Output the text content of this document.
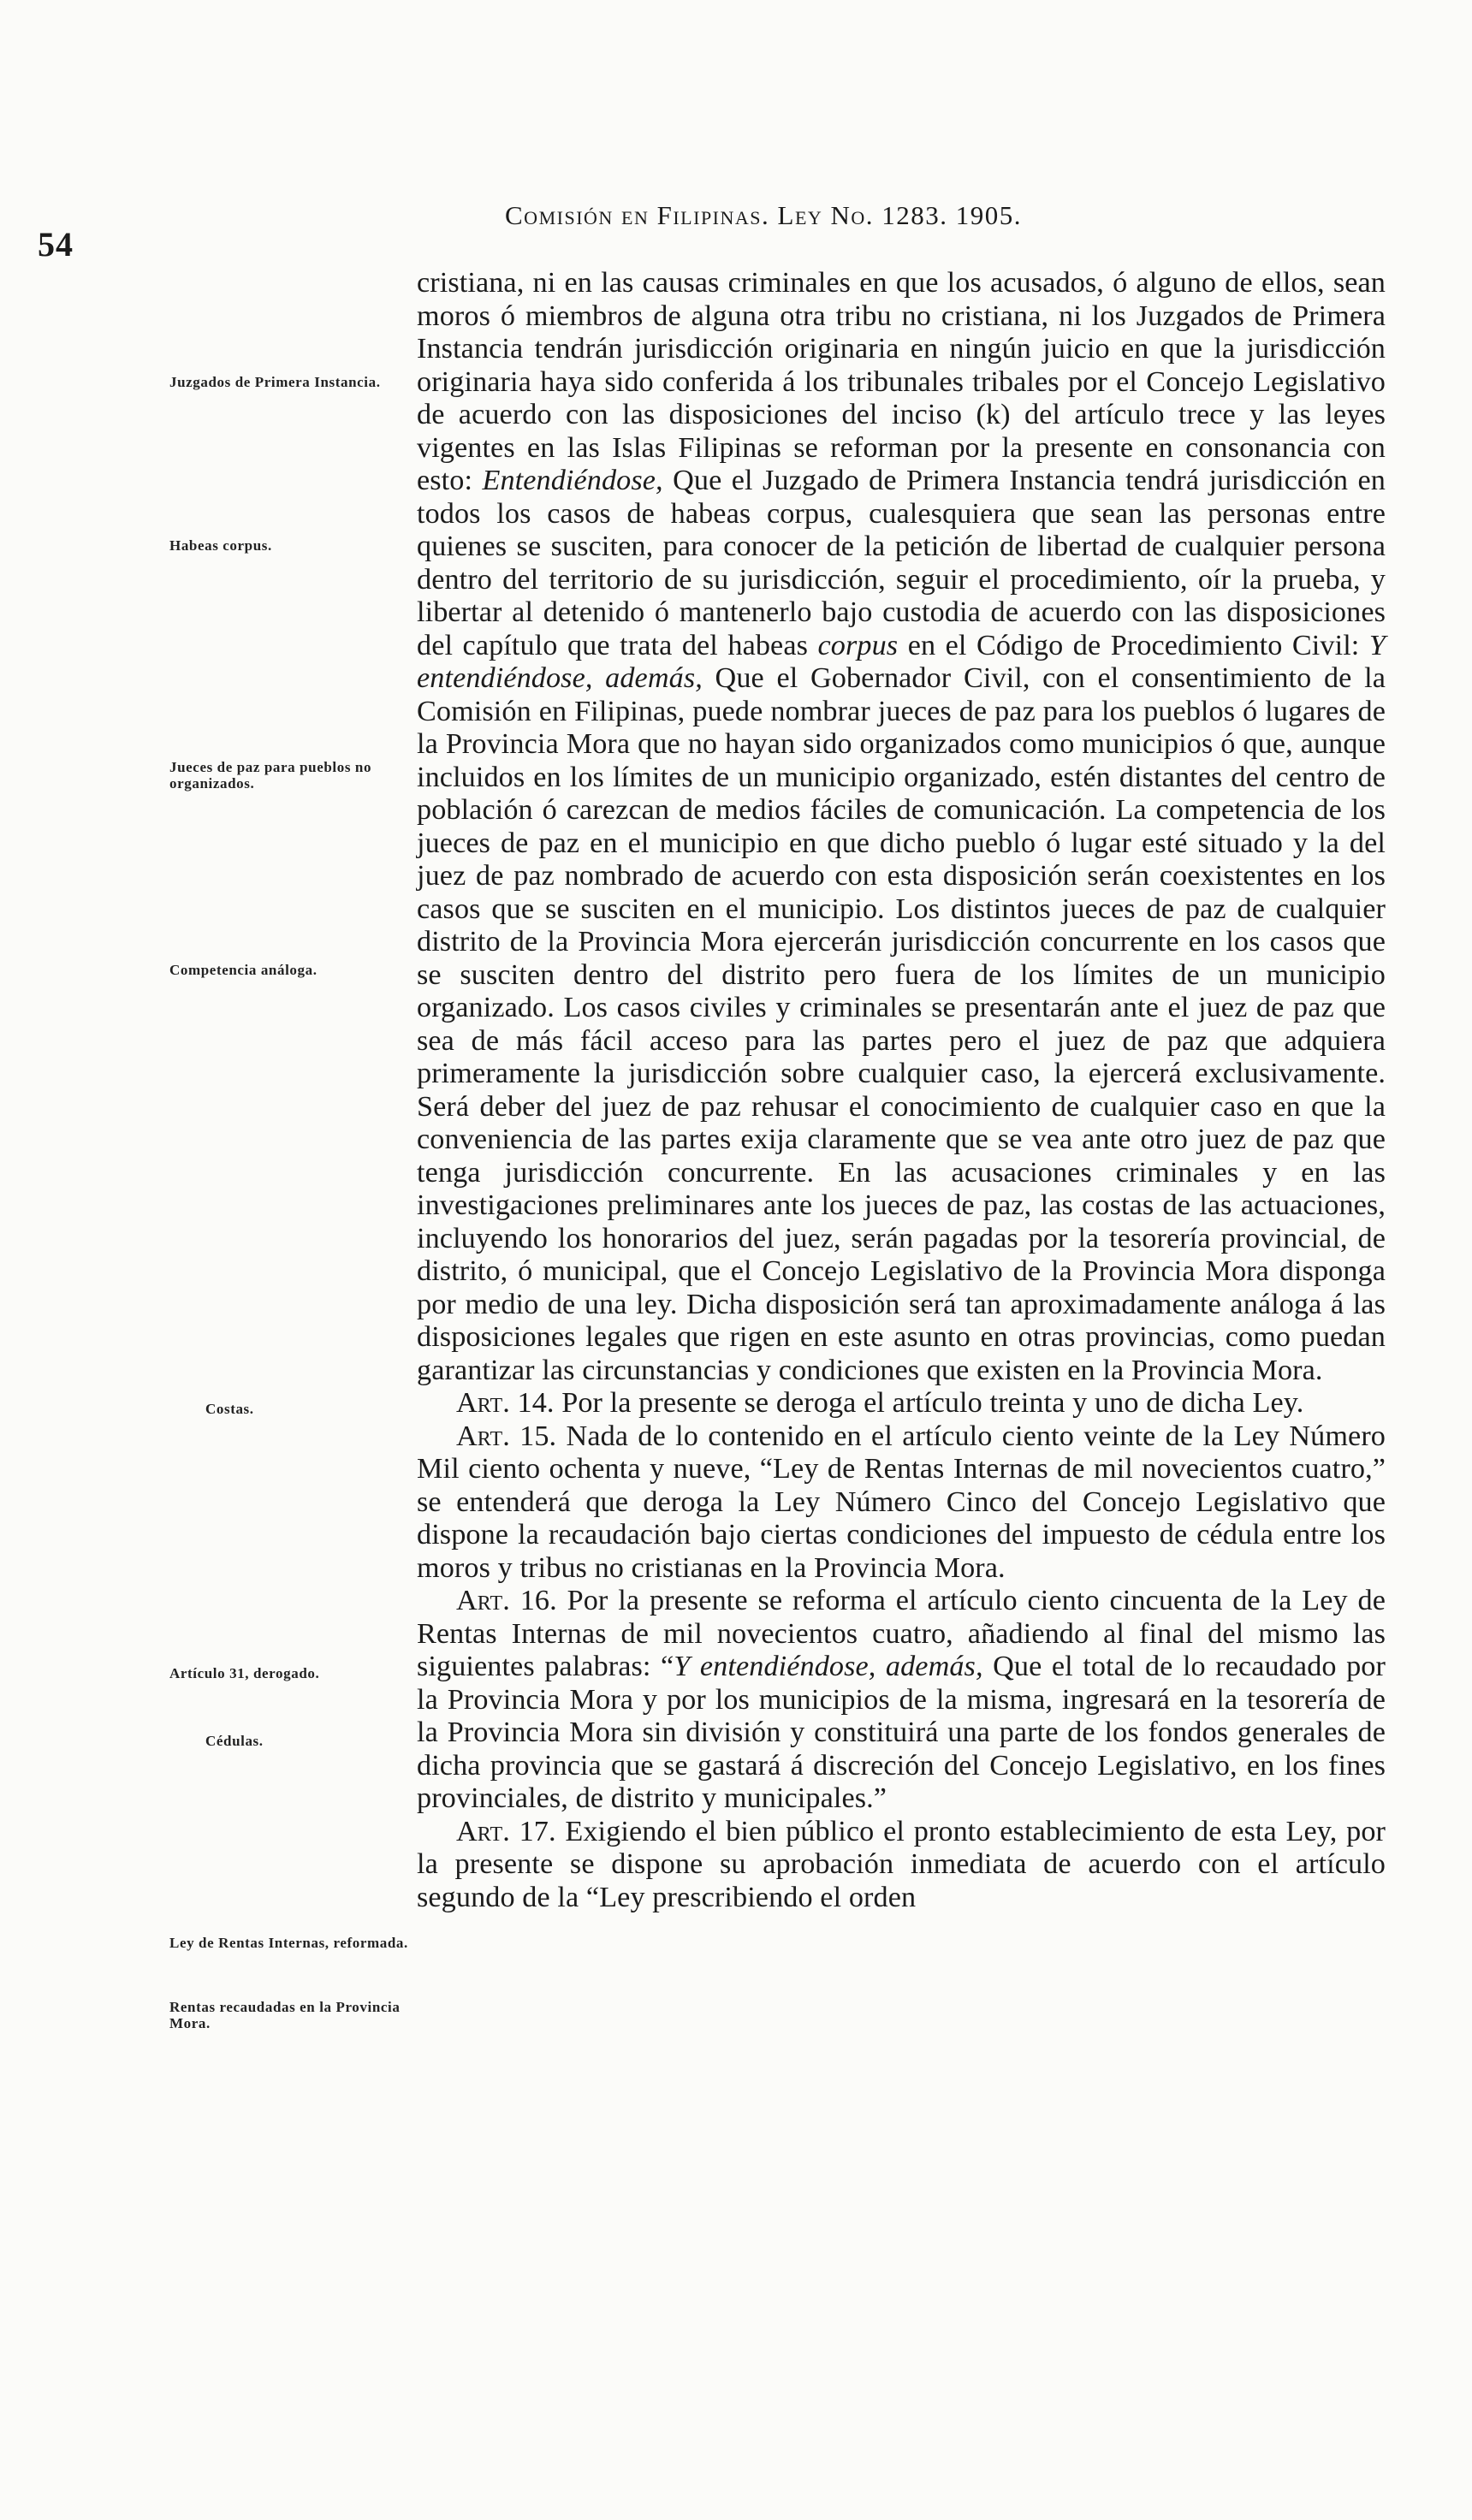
54
Comisión en Filipinas. Ley No. 1283. 1905.
Juzgados de Primera Instancia.
Habeas corpus.
Jueces de paz para pueblos no organizados.
Competencia análoga.
Costas.
Artículo 31, derogado.
Cédulas.
Ley de Rentas Internas, reformada.
Rentas recaudadas en la Provincia Mora.

cristiana, ni en las causas criminales en que los acusados, ó alguno de ellos, sean moros ó miembros de alguna otra tribu no cristiana, ni los Juzgados de Primera Instancia tendrán jurisdicción originaria en ningún juicio en que la jurisdicción originaria haya sido conferida á los tribunales tribales por el Concejo Legislativo de acuerdo con las disposiciones del inciso (k) del artículo trece y las leyes vigentes en las Islas Filipinas se reforman por la presente en consonancia con esto: Entendiéndose, Que el Juzgado de Primera Instancia tendrá jurisdicción en todos los casos de habeas corpus, cualesquiera que sean las personas entre quienes se susciten, para conocer de la petición de libertad de cualquier persona dentro del territorio de su jurisdicción, seguir el procedimiento, oír la prueba, y libertar al detenido ó mantenerlo bajo custodia de acuerdo con las disposiciones del capítulo que trata del habeas corpus en el Código de Procedimiento Civil: Y entendiéndose, además, Que el Gobernador Civil, con el consentimiento de la Comisión en Filipinas, puede nombrar jueces de paz para los pueblos ó lugares de la Provincia Mora que no hayan sido organizados como municipios ó que, aunque incluidos en los límites de un municipio organizado, estén distantes del centro de población ó carezcan de medios fáciles de comunicación. La competencia de los jueces de paz en el municipio en que dicho pueblo ó lugar esté situado y la del juez de paz nombrado de acuerdo con esta disposición serán coexistentes en los casos que se susciten en el municipio. Los distintos jueces de paz de cualquier distrito de la Provincia Mora ejercerán jurisdicción concurrente en los casos que se susciten dentro del distrito pero fuera de los límites de un municipio organizado. Los casos civiles y criminales se presentarán ante el juez de paz que sea de más fácil acceso para las partes pero el juez de paz que adquiera primeramente la jurisdicción sobre cualquier caso, la ejercerá exclusivamente. Será deber del juez de paz rehusar el conocimiento de cualquier caso en que la conveniencia de las partes exija claramente que se vea ante otro juez de paz que tenga jurisdicción concurrente. En las acusaciones criminales y en las investigaciones preliminares ante los jueces de paz, las costas de las actuaciones, incluyendo los honorarios del juez, serán pagadas por la tesorería provincial, de distrito, ó municipal, que el Concejo Legislativo de la Provincia Mora disponga por medio de una ley. Dicha disposición será tan aproximadamente análoga á las disposiciones legales que rigen en este asunto en otras provincias, como puedan garantizar las circunstancias y condiciones que existen en la Provincia Mora.

Art. 14. Por la presente se deroga el artículo treinta y uno de dicha Ley.

Art. 15. Nada de lo contenido en el artículo ciento veinte de la Ley Número Mil ciento ochenta y nueve, “Ley de Rentas Internas de mil novecientos cuatro,” se entenderá que deroga la Ley Número Cinco del Concejo Legislativo que dispone la recaudación bajo ciertas condiciones del impuesto de cédula entre los moros y tribus no cristianas en la Provincia Mora.

Art. 16. Por la presente se reforma el artículo ciento cincuenta de la Ley de Rentas Internas de mil novecientos cuatro, añadiendo al final del mismo las siguientes palabras: “Y entendiéndose, además, Que el total de lo recaudado por la Provincia Mora y por los municipios de la misma, ingresará en la tesorería de la Provincia Mora sin división y constituirá una parte de los fondos generales de dicha provincia que se gastará á discreción del Concejo Legislativo, en los fines provinciales, de distrito y municipales.”

Art. 17. Exigiendo el bien público el pronto establecimiento de esta Ley, por la presente se dispone su aprobación inmediata de acuerdo con el artículo segundo de la “Ley prescribiendo el orden
